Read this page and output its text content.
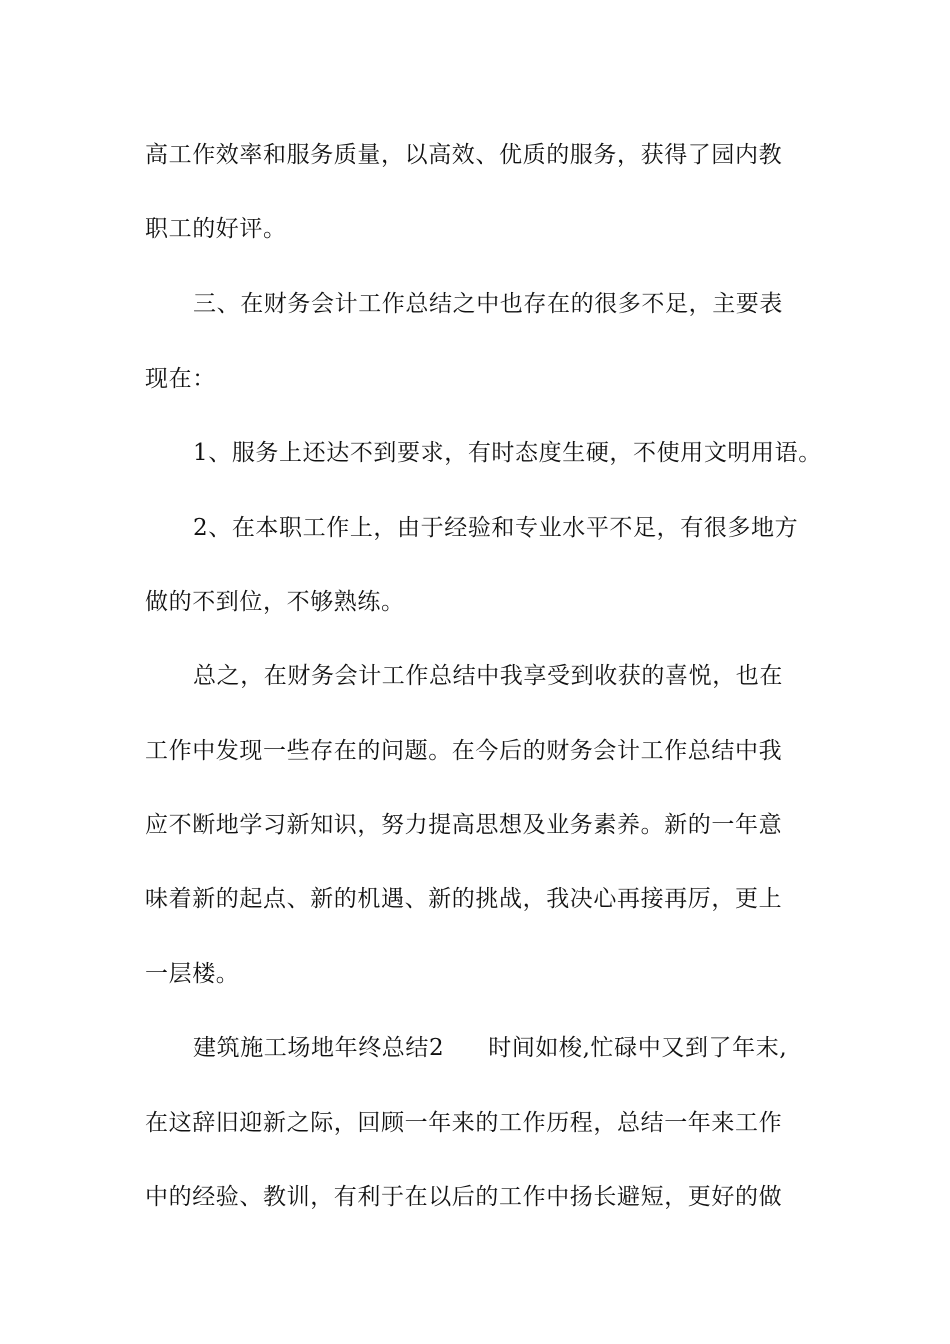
高工作效率和服务质量，以高效、优质的服务，获得了园内教
职工的好评。
三、在财务会计工作总结之中也存在的很多不足，主要表
现在：
1、服务上还达不到要求，有时态度生硬，不使用文明用语。
2、在本职工作上，由于经验和专业水平不足，有很多地方
做的不到位，不够熟练。
总之，在财务会计工作总结中我享受到收获的喜悦，也在
工作中发现一些存在的问题。在今后的财务会计工作总结中我
应不断地学习新知识，努力提高思想及业务素养。新的一年意
味着新的起点、新的机遇、新的挑战，我决心再接再厉，更上
一层楼。
建筑施工场地年终总结2 时间如梭,忙碌中又到了年末,
在这辞旧迎新之际，回顾一年来的工作历程，总结一年来工作
中的经验、教训，有利于在以后的工作中扬长避短，更好的做
